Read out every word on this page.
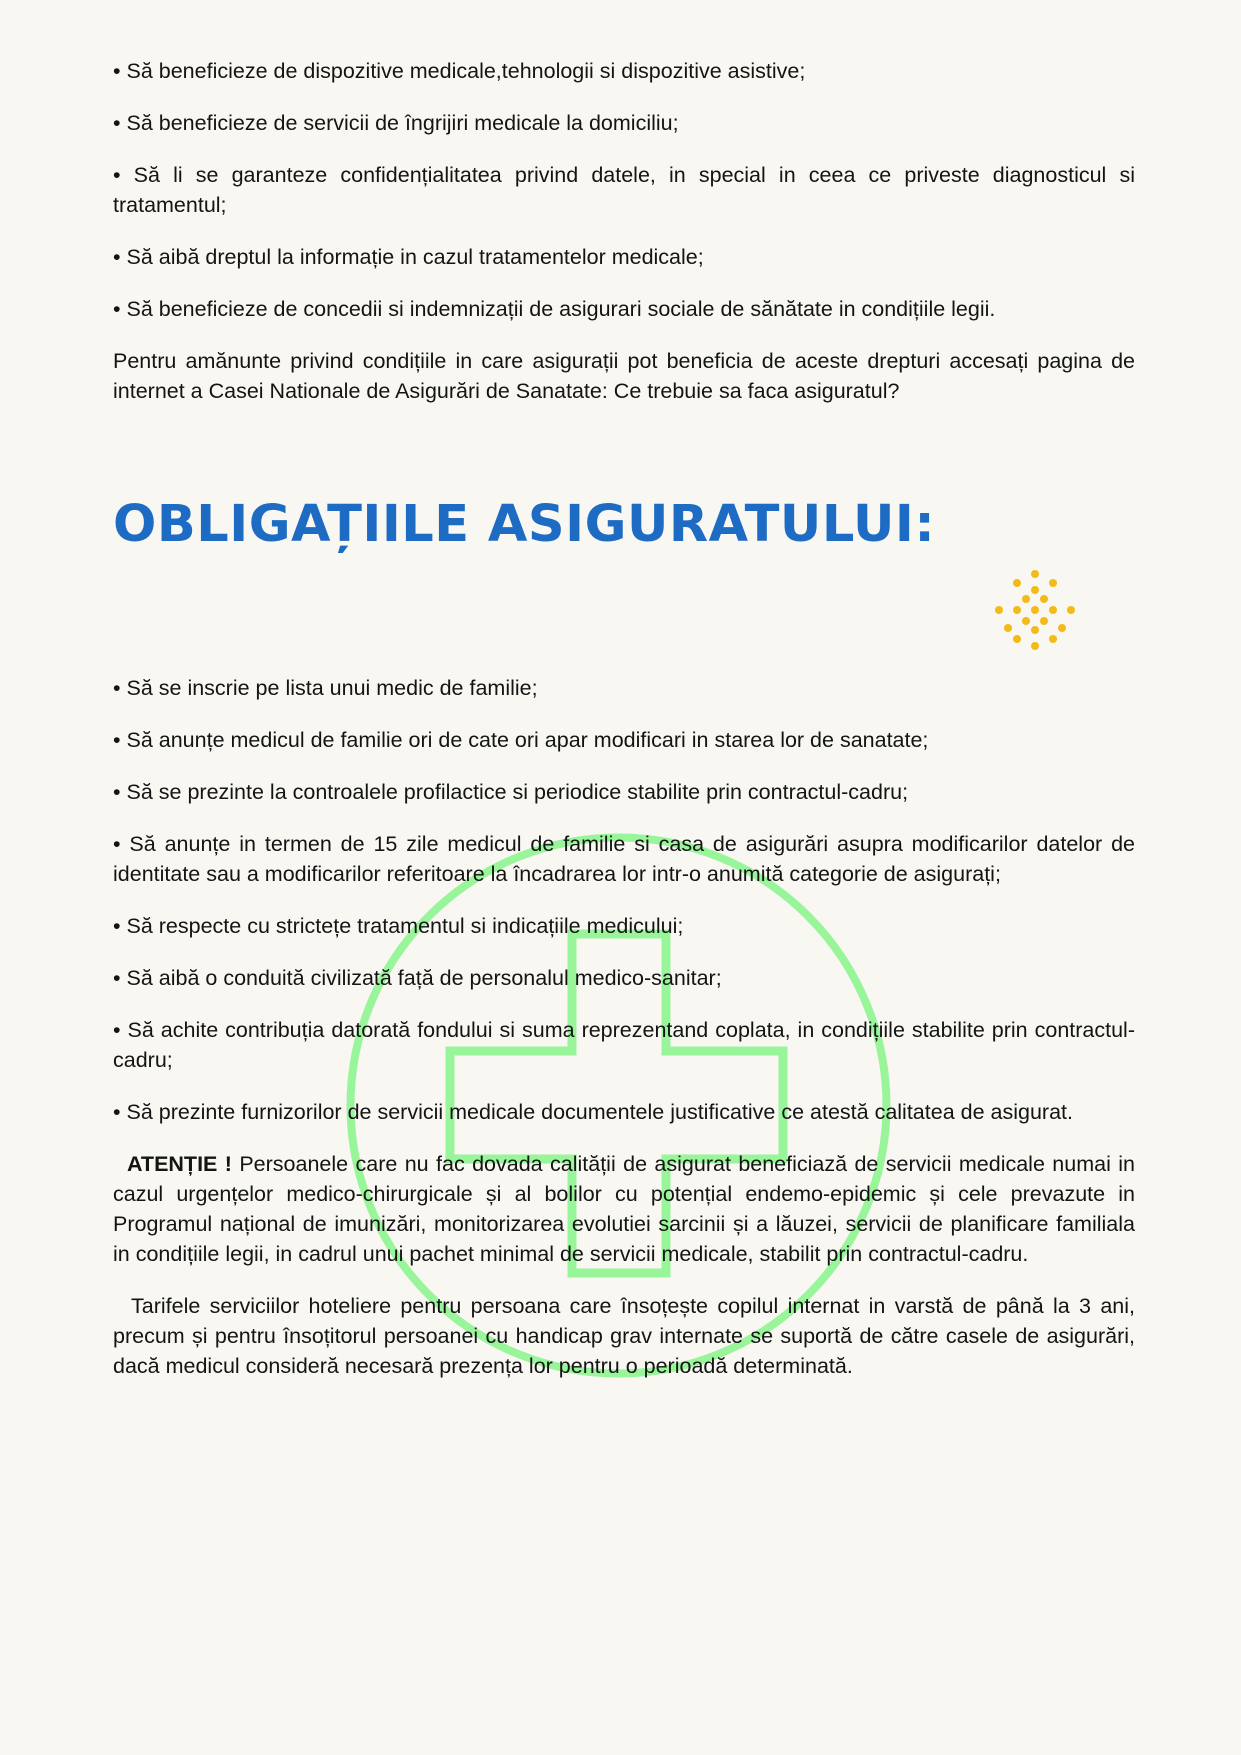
• Să beneficieze de dispozitive medicale,tehnologii si dispozitive asistive;

• Să beneficieze de servicii de îngrijiri medicale la domiciliu;

• Să li se garanteze confidențialitatea privind datele, in special in ceea ce priveste diagnosticul si tratamentul;

• Să aibă dreptul la informație in cazul tratamentelor medicale;

• Să beneficieze de concedii si indemnizații de asigurari sociale de sănătate in condițiile legii.

Pentru amănunte privind condițiile in care asigurații pot beneficia de aceste drepturi accesați pagina de internet a Casei Nationale de Asigurări de Sanatate: Ce trebuie sa faca asiguratul?

OBLIGAȚIILE ASIGURATULUI:

• Să se inscrie pe lista unui medic de familie;

• Să anunțe medicul de familie ori de cate ori apar modificari in starea lor de sanatate;

• Să se prezinte la controalele profilactice si periodice stabilite prin contractul-cadru;

• Să anunțe in termen de 15 zile medicul de familie si casa de asigurări asupra modificarilor datelor de identitate sau a modificarilor referitoare la încadrarea lor intr-o anumită categorie de asigurați;

• Să respecte cu strictețe tratamentul si indicațiile medicului;

• Să aibă o conduită civilizată față de personalul medico-sanitar;

• Să achite contribuția datorată fondului si suma reprezentand coplata, in condițiile stabilite prin contractul-cadru;

• Să prezinte furnizorilor de servicii medicale documentele justificative ce atestă calitatea de asigurat.

ATENȚIE ! Persoanele care nu fac dovada calității de asigurat beneficiază de servicii medicale numai in cazul urgențelor medico-chirurgicale și al bolilor cu potențial endemo-epidemic și cele prevazute in Programul național de imunizări, monitorizarea evolutiei sarcinii și a lăuzei, servicii de planificare familiala in condițiile legii, in cadrul unui pachet minimal de servicii medicale, stabilit prin contractul-cadru.

Tarifele serviciilor hoteliere pentru persoana care însoțește copilul internat in varstă de până la 3 ani, precum și pentru însoțitorul persoanei cu handicap grav internate se suportă de către casele de asigurări, dacă medicul consideră necesară prezența lor pentru o perioadă determinată.
